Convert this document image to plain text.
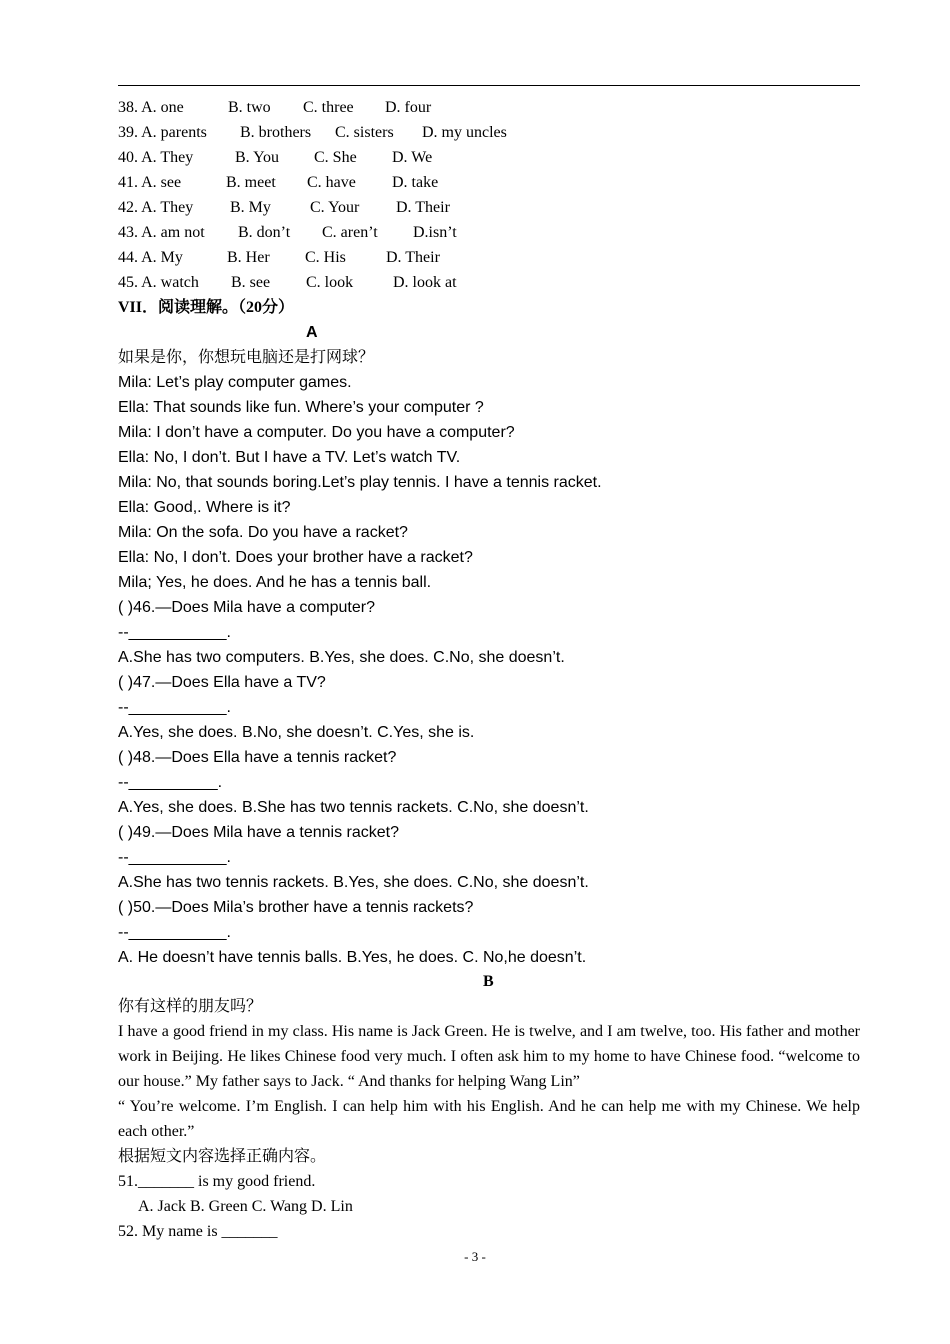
38. A. one	B. two C. three D. four
39. A. parents B. brothers C. sisters D. my uncles
40. A. They	B. You C. She D. We
41. A. see	B. meet C. have D. take
42. A. They B. My C. Your D. Their
43. A. am not B. don’t C. aren’t D.isn’t
44. A. My	B. Her C. His	D. Their
45. A. watch B. see C. look D. look at
VII．阅读理解。（20分）
A
如果是你，你想玩电脑还是打网球？
Mila: Let’s play computer games.
Ella: That sounds like fun. Where’s your computer ?
Mila: I don’t have a computer. Do you have a computer?
Ella: No, I don’t. But I have a TV. Let’s watch TV.
Mila: No, that sounds boring.Let’s play tennis. I have a tennis racket.
Ella: Good,. Where is it?
Mila: On the sofa. Do you have a racket?
Ella: No, I don’t. Does your brother have a racket?
Mila; Yes, he does. And he has a tennis ball.
( )46.—Does Mila have a computer?
--___________.
A.She has two computers. B.Yes, she does. C.No, she doesn’t.
( )47.—Does Ella have a TV?
--___________.
A.Yes, she does. B.No, she doesn’t. C.Yes, she is.
( )48.—Does Ella have a tennis racket?
--__________.
A.Yes, she does. B.She has two tennis rackets. C.No, she doesn’t.
( )49.—Does Mila have a tennis racket?
--___________.
A.She has two tennis rackets. B.Yes, she does. C.No, she doesn’t.
( )50.—Does Mila’s brother have a tennis rackets?
--___________.
A. He doesn’t have tennis balls. B.Yes, he does. C. No,he doesn’t.
B
你有这样的朋友吗？
I have a good friend in my class. His name is Jack Green. He is twelve, and I am twelve, too. His father and mother work in Beijing. He likes Chinese food very much. I often ask him to my home to have Chinese food. “welcome to our house.” My father says to Jack. “ And thanks for helping Wang Lin”
“ You’re welcome. I’m English. I can help him with his English. And he can help me with my Chinese. We help each other.”
根据短文内容选择正确内容。
51._______ is my good friend.
A. Jack B. Green C. Wang D. Lin
52. My name is _______
- 3 -
